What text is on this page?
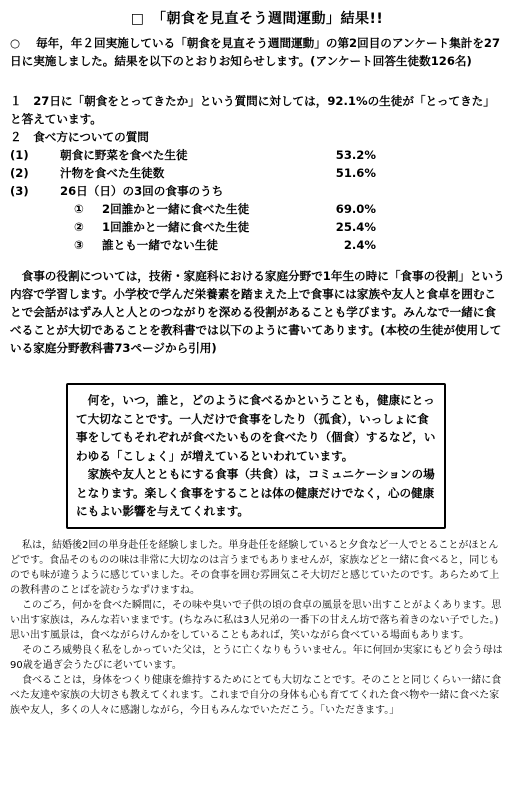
□　「朝食を見直そう週間運動」結果!!
○ 毎年，年２回実施している「朝食を見直そう週間運動」の第2回目のアンケート集計を27日に実施しました。結果を以下のとおりお知らせします。(アンケート回答生徒数126名)
１　27日に「朝食をとってきたか」という質問に対しては，92.1%の生徒が「とってきた」と答えています。
２　食べ方についての質問
(1)	朝食に野菜を食べた生徒	53.2%
(2)	汁物を食べた生徒数	51.6%
(3)	26日（日）の3回の食事のうち
①	2回誰かと一緒に食べた生徒	69.0%
②	1回誰かと一緒に食べた生徒	25.4%
③	誰とも一緒でない生徒	2.4%
　食事の役割については，技術・家庭科における家庭分野で1年生の時に「食事の役割」という内容で学習します。小学校で学んだ栄養素を踏まえた上で食事には家族や友人と食卓を囲むことで会話がはずみ人と人とのつながりを深める役割があることも学びます。みんなで一緒に食べることが大切であることを教科書では以下のように書いてあります。(本校の生徒が使用している家庭分野教科書73ページから引用)

　何を，いつ，誰と，どのように食べるかということも，健康にとって大切なことです。一人だけで食事をしたり（孤食），いっしょに食事をしてもそれぞれが食べたいものを食べたり（個食）するなど，いわゆる「こしょく」が増えているといわれています。

　家族や友人とともにする食事（共食）は，コミュニケーションの場となります。楽しく食事をすることは体の健康だけでなく，心の健康にもよい影響を与えてくれます。

私は，結婚後2回の単身赴任を経験しました。単身赴任を経験していると夕食など一人でとることがほとんどです。食品そのものの味は非常に大切なのは言うまでもありませんが，家族などと一緒に食べると，同じものでも味が違うように感じていました。その食事を囲む雰囲気こそ大切だと感じていたのです。あらためて上の教科書のことばを読むうなずけますね。

このごろ，何かを食べた瞬間に，その味や臭いで子供の頃の食卓の風景を思い出すことがよくあります。思い出す家族は，みんな若いままです。(ちなみに私は3人兄弟の一番下の甘えん坊で落ち着きのない子でした。)思い出す風景は，食べながらけんかをしていることもあれば，笑いながら食べている場面もあります。

そのころ威勢良く私をしかっていた父は，とうに亡くなりもういません。年に何回か実家にもどり会う母は90歳を過ぎ会うたびに老いています。

食べることは，身体をつくり健康を維持するためにとても大切なことです。そのことと同じくらい一緒に食べた友達や家族の大切さも教えてくれます。これまで自分の身体も心も育ててくれた食べ物や一緒に食べた家族や友人，多くの人々に感謝しながら，今日もみんなでいただこう。「いただきます。」
